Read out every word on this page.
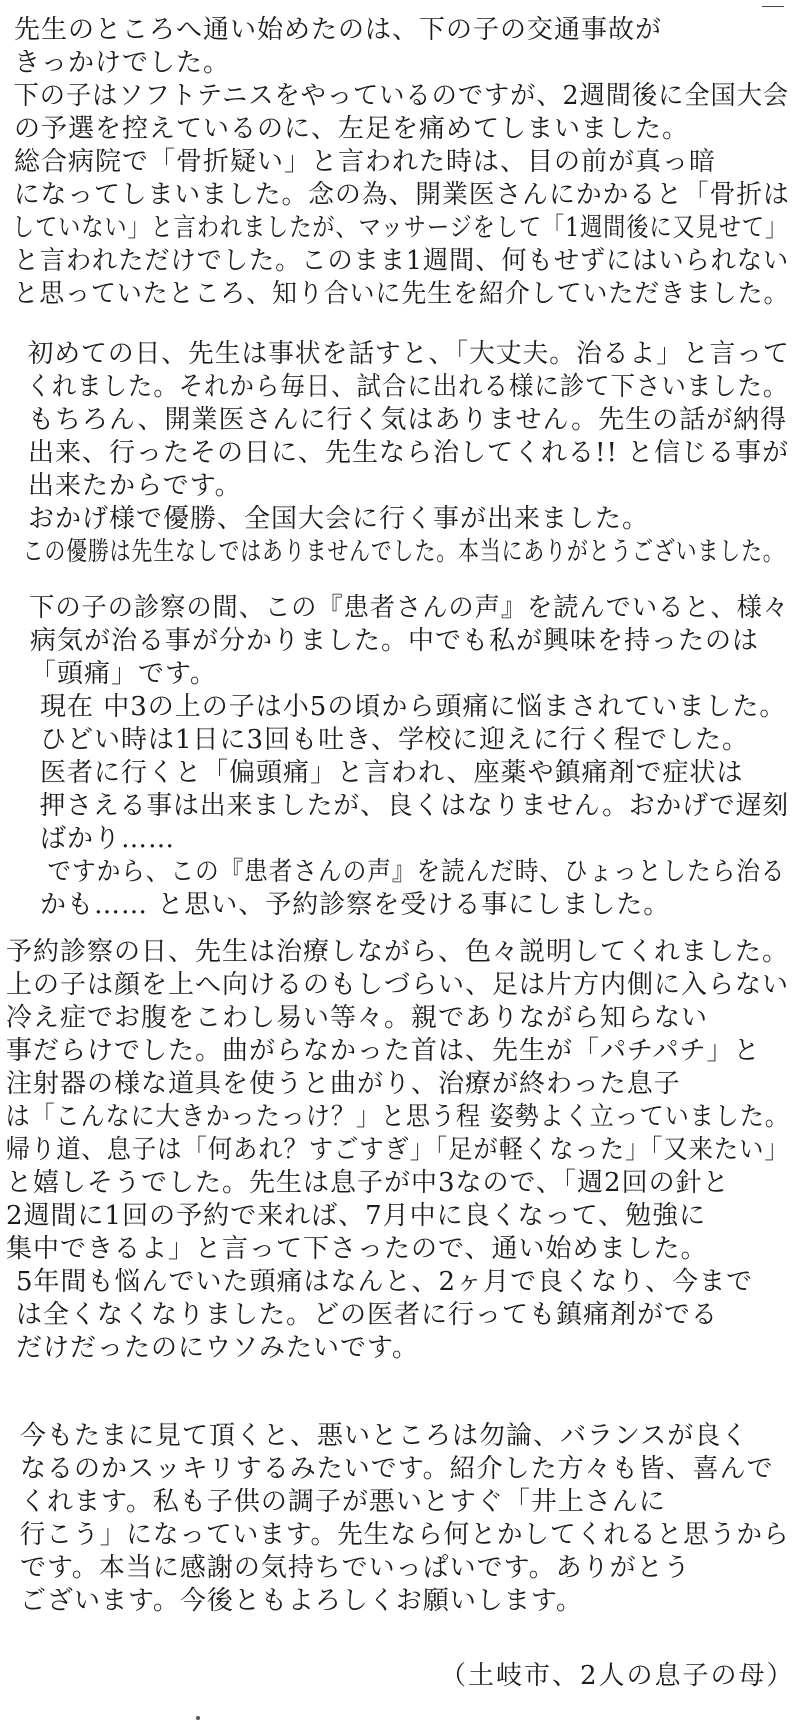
先生のところへ通い始めたのは、下の子の交通事故が
きっかけでした。
下の子はソフトテニスをやっているのですが、2週間後に全国大会
の予選を控えているのに、左足を痛めてしまいました。
総合病院で「骨折疑い」と言われた時は、目の前が真っ暗
になってしまいました。念の為、開業医さんにかかると「骨折は
していない」と言われましたが、マッサージをして「1週間後に又見せて」
と言われただけでした。このまま1週間、何もせずにはいられない
と思っていたところ、知り合いに先生を紹介していただきました。
初めての日、先生は事状を話すと、「大丈夫。治るよ」と言って
くれました。それから毎日、試合に出れる様に診て下さいました。
もちろん、開業医さんに行く気はありません。先生の話が納得
出来、行ったその日に、先生なら治してくれる!! と信じる事が
出来たからです。
おかげ様で優勝、全国大会に行く事が出来ました。
この優勝は先生なしではありませんでした。本当にありがとうございました。
下の子の診察の間、この『患者さんの声』を読んでいると、様々
病気が治る事が分かりました。中でも私が興味を持ったのは
「頭痛」です。
現在 中3の上の子は小5の頃から頭痛に悩まされていました。
ひどい時は1日に3回も吐き、学校に迎えに行く程でした。
医者に行くと「偏頭痛」と言われ、座薬や鎮痛剤で症状は
押さえる事は出来ましたが、良くはなりません。おかげで遅刻
ばかり……
ですから、この『患者さんの声』を読んだ時、ひょっとしたら治る
かも…… と思い、予約診察を受ける事にしました。
予約診察の日、先生は治療しながら、色々説明してくれました。
上の子は顔を上へ向けるのもしづらい、足は片方内側に入らない
冷え症でお腹をこわし易い等々。親でありながら知らない
事だらけでした。曲がらなかった首は、先生が「パチパチ」と
注射器の様な道具を使うと曲がり、治療が終わった息子
は「こんなに大きかったっけ？」と思う程 姿勢よく立っていました。
帰り道、息子は「何あれ？すごすぎ」「足が軽くなった」「又来たい」
と嬉しそうでした。先生は息子が中3なので、「週2回の針と
2週間に1回の予約で来れば、7月中に良くなって、勉強に
集中できるよ」と言って下さったので、通い始めました。
5年間も悩んでいた頭痛はなんと、2ヶ月で良くなり、今まで
は全くなくなりました。どの医者に行っても鎮痛剤がでる
だけだったのにウソみたいです。
今もたまに見て頂くと、悪いところは勿論、バランスが良く
なるのかスッキリするみたいです。紹介した方々も皆、喜んで
くれます。私も子供の調子が悪いとすぐ「井上さんに
行こう」になっています。先生なら何とかしてくれると思うから
です。本当に感謝の気持ちでいっぱいです。ありがとう
ございます。今後ともよろしくお願いします。
（土岐市、2人の息子の母）
